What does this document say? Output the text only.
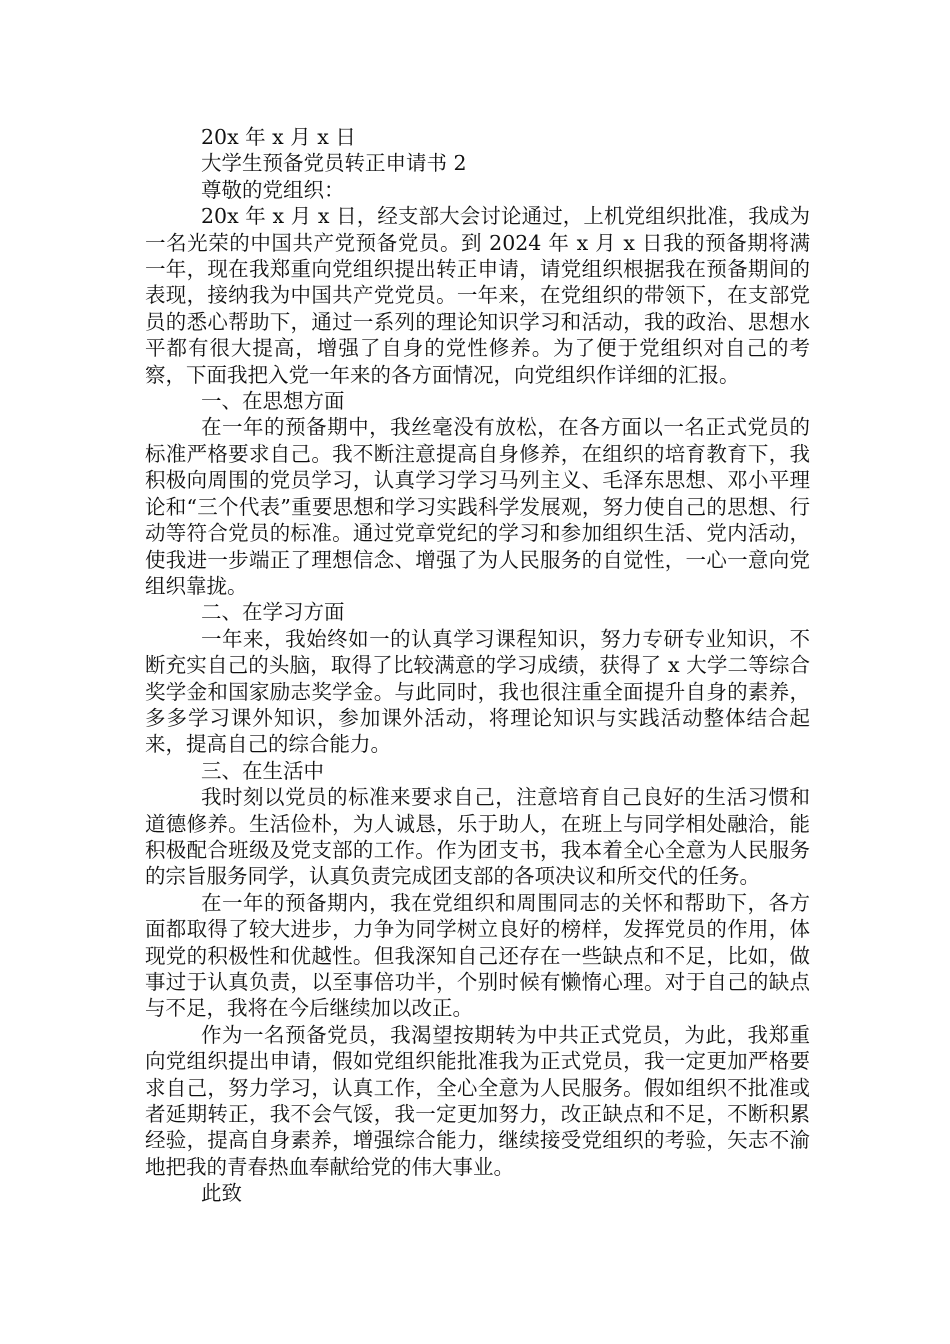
20x 年 x 月 x 日
大学生预备党员转正申请书 2
尊敬的党组织：

20x 年 x 月 x 日，经支部大会讨论通过，上机党组织批准，我成为一名光荣的中国共产党预备党员。到 2024 年 x 月 x 日我的预备期将满一年，现在我郑重向党组织提出转正申请，请党组织根据我在预备期间的表现，接纳我为中国共产党党员。一年来，在党组织的带领下，在支部党员的悉心帮助下，通过一系列的理论知识学习和活动，我的政治、思想水平都有很大提高，增强了自身的党性修养。为了便于党组织对自己的考察，下面我把入党一年来的各方面情况，向党组织作详细的汇报。

一、在思想方面

在一年的预备期中，我丝毫没有放松，在各方面以一名正式党员的标准严格要求自己。我不断注意提高自身修养，在组织的培育教育下，我积极向周围的党员学习，认真学习学习马列主义、毛泽东思想、邓小平理论和“三个代表”重要思想和学习实践科学发展观，努力使自己的思想、行动等符合党员的标准。通过党章党纪的学习和参加组织生活、党内活动，使我进一步端正了理想信念、增强了为人民服务的自觉性，一心一意向党组织靠拢。

二、在学习方面

一年来，我始终如一的认真学习课程知识，努力专研专业知识，不断充实自己的头脑，取得了比较满意的学习成绩，获得了 x 大学二等综合奖学金和国家励志奖学金。与此同时，我也很注重全面提升自身的素养，多多学习课外知识，参加课外活动，将理论知识与实践活动整体结合起来，提高自己的综合能力。

三、在生活中

我时刻以党员的标准来要求自己，注意培育自己良好的生活习惯和道德修养。生活俭朴，为人诚恳，乐于助人，在班上与同学相处融洽，能积极配合班级及党支部的工作。作为团支书，我本着全心全意为人民服务的宗旨服务同学，认真负责完成团支部的各项决议和所交代的任务。

在一年的预备期内，我在党组织和周围同志的关怀和帮助下，各方面都取得了较大进步，力争为同学树立良好的榜样，发挥党员的作用，体现党的积极性和优越性。但我深知自己还存在一些缺点和不足，比如，做事过于认真负责，以至事倍功半，个别时候有懒惰心理。对于自己的缺点与不足，我将在今后继续加以改正。

作为一名预备党员，我渴望按期转为中共正式党员，为此，我郑重向党组织提出申请，假如党组织能批准我为正式党员，我一定更加严格要求自己，努力学习，认真工作，全心全意为人民服务。假如组织不批准或者延期转正，我不会气馁，我一定更加努力，改正缺点和不足，不断积累经验，提高自身素养，增强综合能力，继续接受党组织的考验，矢志不渝地把我的青春热血奉献给党的伟大事业。

此致
